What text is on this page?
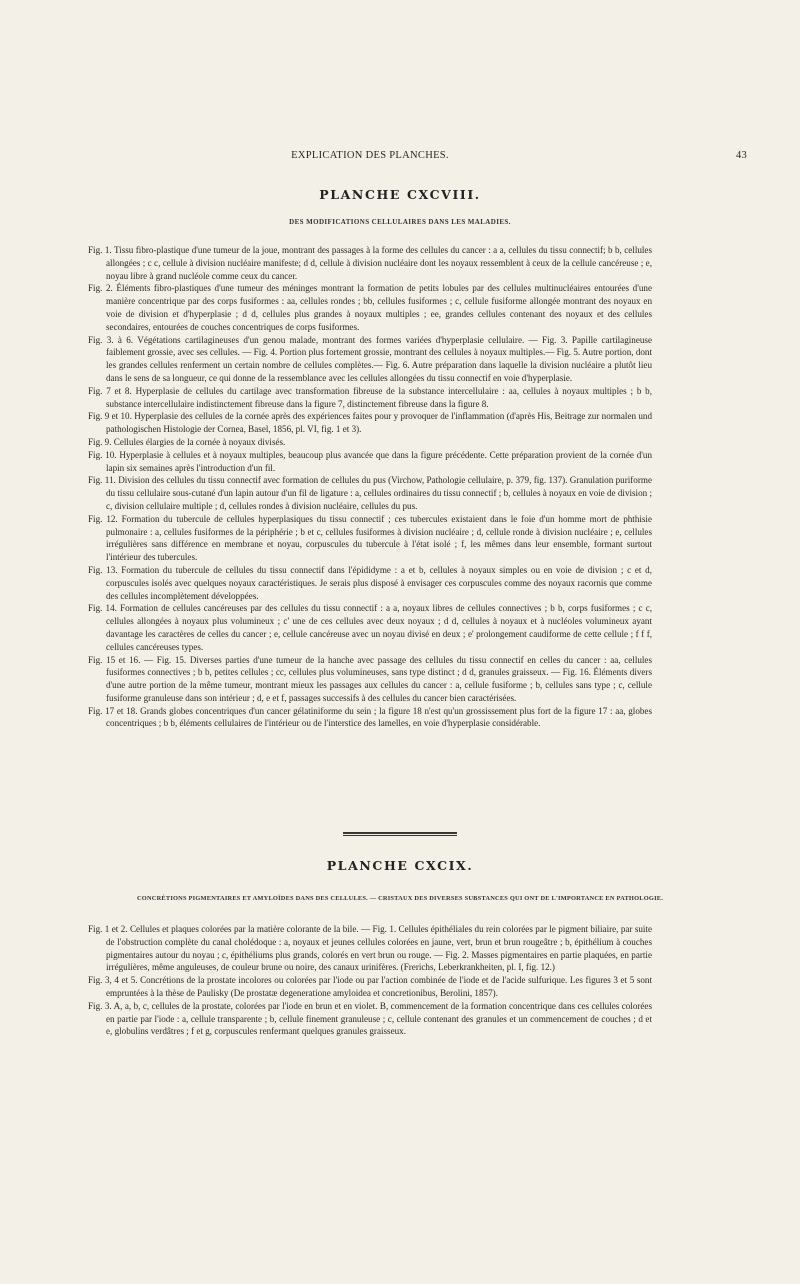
EXPLICATION DES PLANCHES.	43
PLANCHE CXCVIII.
DES MODIFICATIONS CELLULAIRES DANS LES MALADIES.

Fig. 1. Tissu fibro-plastique d'une tumeur de la joue, montrant des passages à la forme des cellules du cancer : a a, cellules du tissu connectif; b b, cellules allongées ; c c, cellule à division nucléaire manifeste; d d, cellule à division nucléaire dont les noyaux ressemblent à ceux de la cellule cancéreuse ; e, noyau libre à grand nucléole comme ceux du cancer.

Fig. 2. Éléments fibro-plastiques d'une tumeur des méninges montrant la formation de petits lobules par des cellules multinucléaires entourées d'une manière concentrique par des corps fusiformes : aa, cellules rondes ; bb, cellules fusiformes ; c, cellule fusiforme allongée montrant des noyaux en voie de division et d'hyperplasie ; d d, cellules plus grandes à noyaux multiples ; ee, grandes cellules contenant des noyaux et des cellules secondaires, entourées de couches concentriques de corps fusiformes.

Fig. 3. à 6. Végétations cartilagineuses d'un genou malade, montrant des formes variées d'hyperplasie cellulaire. — Fig. 3. Papille cartilagineuse faiblement grossie, avec ses cellules. — Fig. 4. Portion plus fortement grossie, montrant des cellules à noyaux multiples.— Fig. 5. Autre portion, dont les grandes cellules renferment un certain nombre de cellules complètes.— Fig. 6. Autre préparation dans laquelle la division nucléaire a plutôt lieu dans le sens de sa longueur, ce qui donne de la ressemblance avec les cellules allongées du tissu connectif en voie d'hyperplasie.

Fig. 7 et 8. Hyperplasie de cellules du cartilage avec transformation fibreuse de la substance intercellulaire : aa, cellules à noyaux multiples ; b b, substance intercellulaire indistinctement fibreuse dans la figure 7, distinctement fibreuse dans la figure 8.

Fig. 9 et 10. Hyperplasie des cellules de la cornée après des expériences faites pour y provoquer de l'inflammation (d'après His, Beitrage zur normalen und pathologischen Histologie der Cornea, Basel, 1856, pl. VI, fig. 1 et 3).

Fig. 9. Cellules élargies de la cornée à noyaux divisés.

Fig. 10. Hyperplasie à cellules et à noyaux multiples, beaucoup plus avancée que dans la figure précédente. Cette préparation provient de la cornée d'un lapin six semaines après l'introduction d'un fil.

Fig. 11. Division des cellules du tissu connectif avec formation de cellules du pus (Virchow, Pathologie cellulaire, p. 379, fig. 137). Granulation puriforme du tissu cellulaire sous-cutané d'un lapin autour d'un fil de ligature : a, cellules ordinaires du tissu connectif ; b, cellules à noyaux en voie de division ; c, division cellulaire multiple ; d, cellules rondes à division nucléaire, cellules du pus.

Fig. 12. Formation du tubercule de cellules hyperplasiques du tissu connectif ; ces tubercules existaient dans le foie d'un homme mort de phthisie pulmonaire : a, cellules fusiformes de la périphérie ; b et c, cellules fusiformes à division nucléaire ; d, cellule ronde à division nucléaire ; e, cellules irrégulières sans différence en membrane et noyau, corpuscules du tubercule à l'état isolé ; f, les mêmes dans leur ensemble, formant surtout l'intérieur des tubercules.

Fig. 13. Formation du tubercule de cellules du tissu connectif dans l'épididyme : a et b, cellules à noyaux simples ou en voie de division ; c et d, corpuscules isolés avec quelques noyaux caractéristiques. Je serais plus disposé à envisager ces corpuscules comme des noyaux racornis que comme des cellules incomplètement développées.

Fig. 14. Formation de cellules cancéreuses par des cellules du tissu connectif : a a, noyaux libres de cellules connectives ; b b, corps fusiformes ; c c, cellules allongées à noyaux plus volumineux ; c' une de ces cellules avec deux noyaux ; d d, cellules à noyaux et à nucléoles volumineux ayant davantage les caractères de celles du cancer ; e, cellule cancéreuse avec un noyau divisé en deux ; e' prolongement caudiforme de cette cellule ; f f f, cellules cancéreuses types.

Fig. 15 et 16. — Fig. 15. Diverses parties d'une tumeur de la hanche avec passage des cellules du tissu connectif en celles du cancer : aa, cellules fusiformes connectives ; b b, petites cellules ; cc, cellules plus volumineuses, sans type distinct ; d d, granules graisseux. — Fig. 16. Éléments divers d'une autre portion de la même tumeur, montrant mieux les passages aux cellules du cancer : a, cellule fusiforme ; b, cellules sans type ; c, cellule fusiforme granuleuse dans son intérieur ; d, e et f, passages successifs à des cellules du cancer bien caractérisées.

Fig. 17 et 18. Grands globes concentriques d'un cancer gélatiniforme du sein ; la figure 18 n'est qu'un grossissement plus fort de la figure 17 : aa, globes concentriques ; b b, éléments cellulaires de l'intérieur ou de l'interstice des lamelles, en voie d'hyperplasie considérable.

PLANCHE CXCIX.
CONCRÉTIONS PIGMENTAIRES ET AMYLOÏDES DANS DES CELLULES. — CRISTAUX DES DIVERSES SUBSTANCES QUI ONT DE L'IMPORTANCE EN PATHOLOGIE.

Fig. 1 et 2. Cellules et plaques colorées par la matière colorante de la bile. — Fig. 1. Cellules épithéliales du rein colorées par le pigment biliaire, par suite de l'obstruction complète du canal cholédoque : a, noyaux et jeunes cellules colorées en jaune, vert, brun et brun rougeâtre ; b, épithélium à couches pigmentaires autour du noyau ; c, épithéliums plus grands, colorés en vert brun ou rouge. — Fig. 2. Masses pigmentaires en partie plaquées, en partie irrégulières, même anguleuses, de couleur brune ou noire, des canaux urinifères. (Frerichs, Leberkrankheiten, pl. I, fig. 12.)

Fig. 3, 4 et 5. Concrétions de la prostate incolores ou colorées par l'iode ou par l'action combinée de l'iode et de l'acide sulfurique. Les figures 3 et 5 sont empruntées à la thèse de Paulisky (De prostatæ degeneratione amyloidea et concretionibus, Berolini, 1857).

Fig. 3. A, a, b, c, cellules de la prostate, colorées par l'iode en brun et en violet. B, commencement de la formation concentrique dans ces cellules colorées en partie par l'iode : a, cellule transparente ; b, cellule finement granuleuse ; c, cellule contenant des granules et un commencement de couches ; d et e, globulins verdâtres ; f et g, corpuscules renfermant quelques granules graisseux.
